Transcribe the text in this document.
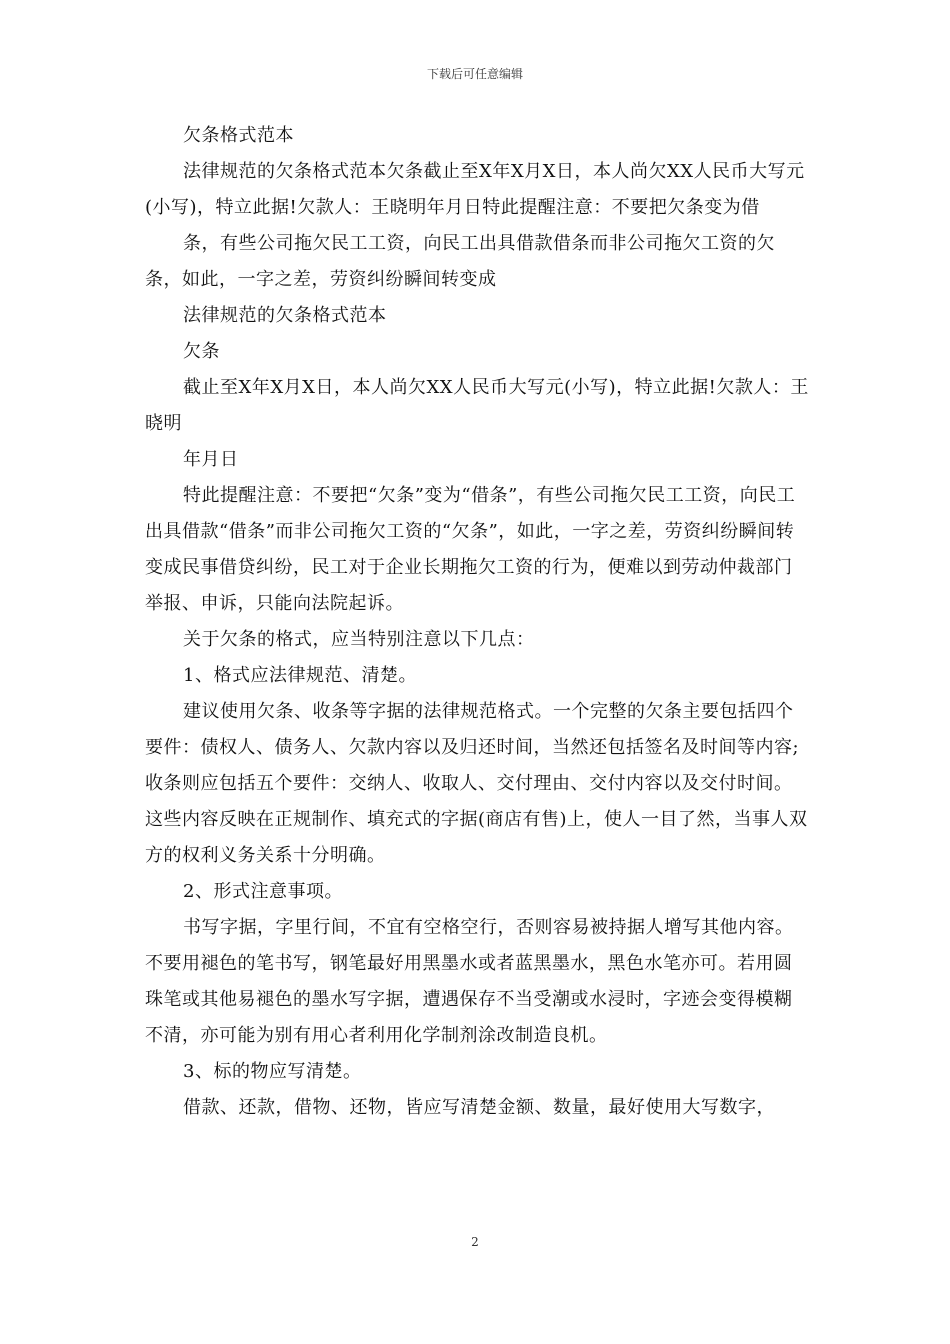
下载后可任意编辑

欠条格式范本

法律规范的欠条格式范本欠条截止至X年X月X日，本人尚欠XX人民币大写元(小写)，特立此据!欠款人：王晓明年月日特此提醒注意：不要把欠条变为借

条，有些公司拖欠民工工资，向民工出具借款借条而非公司拖欠工资的欠条，如此，一字之差，劳资纠纷瞬间转变成

法律规范的欠条格式范本

欠条

截止至X年X月X日，本人尚欠XX人民币大写元(小写)，特立此据!欠款人：王晓明

年月日

特此提醒注意：不要把“欠条”变为“借条”，有些公司拖欠民工工资，向民工出具借款“借条”而非公司拖欠工资的“欠条”，如此，一字之差，劳资纠纷瞬间转变成民事借贷纠纷，民工对于企业长期拖欠工资的行为，便难以到劳动仲裁部门举报、申诉，只能向法院起诉。

关于欠条的格式，应当特别注意以下几点：

1、格式应法律规范、清楚。

建议使用欠条、收条等字据的法律规范格式。一个完整的欠条主要包括四个要件：债权人、债务人、欠款内容以及归还时间，当然还包括签名及时间等内容;收条则应包括五个要件：交纳人、收取人、交付理由、交付内容以及交付时间。这些内容反映在正规制作、填充式的字据(商店有售)上，使人一目了然，当事人双方的权利义务关系十分明确。

2、形式注意事项。

书写字据，字里行间，不宜有空格空行，否则容易被持据人增写其他内容。不要用褪色的笔书写，钢笔最好用黑墨水或者蓝黑墨水，黑色水笔亦可。若用圆珠笔或其他易褪色的墨水写字据，遭遇保存不当受潮或水浸时，字迹会变得模糊不清，亦可能为别有用心者利用化学制剂涂改制造良机。

3、标的物应写清楚。

借款、还款，借物、还物，皆应写清楚金额、数量，最好使用大写数字，

2
